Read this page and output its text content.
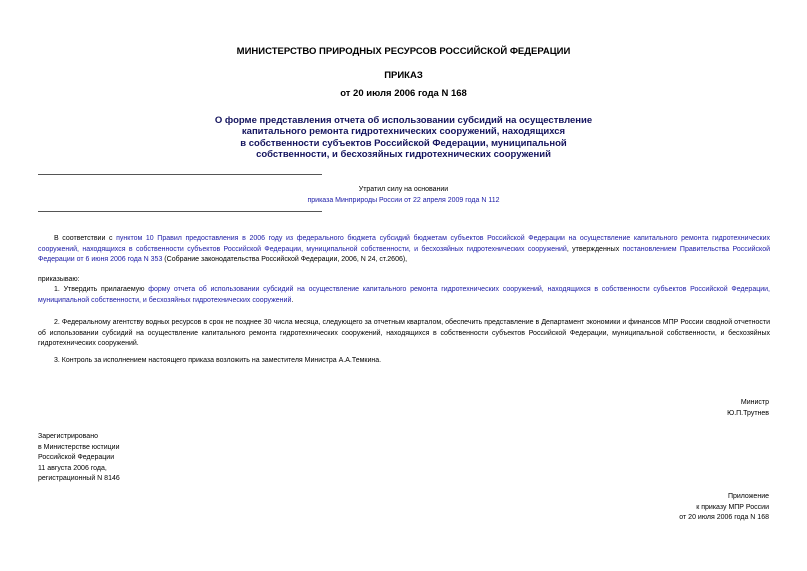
МИНИСТЕРСТВО ПРИРОДНЫХ РЕСУРСОВ РОССИЙСКОЙ ФЕДЕРАЦИИ
ПРИКАЗ
от 20 июля 2006 года N 168
О форме представления отчета об использовании субсидий на осуществление
капитального ремонта гидротехнических сооружений, находящихся
в собственности субъектов Российской Федерации, муниципальной
собственности, и бесхозяйных гидротехнических сооружений
Утратил силу на основании
приказа Минприроды России от 22 апреля 2009 года N 112
В соответствии с пунктом 10 Правил предоставления в 2006 году из федерального бюджета субсидий бюджетам субъектов Российской Федерации на осуществление капитального ремонта гидротехнических сооружений, находящихся в собственности субъектов Российской Федерации, муниципальной собственности, и бесхозяйных гидротехнических сооружений, утвержденных постановлением Правительства Российской Федерации от 6 июня 2006 года N 353 (Собрание законодательства Российской Федерации, 2006, N 24, ст.2606),
приказываю:
1. Утвердить прилагаемую форму отчета об использовании субсидий на осуществление капитального ремонта гидротехнических сооружений, находящихся в собственности субъектов Российской Федерации, муниципальной собственности, и бесхозяйных гидротехнических сооружений.
2. Федеральному агентству водных ресурсов в срок не позднее 30 числа месяца, следующего за отчетным кварталом, обеспечить представление в Департамент экономики и финансов МПР России сводной отчетности об использовании субсидий на осуществление капитального ремонта гидротехнических сооружений, находящихся в собственности субъектов Российской Федерации, муниципальной собственности, и бесхозяйных гидротехнических сооружений.
3. Контроль за исполнением настоящего приказа возложить на заместителя Министра А.А.Темкина.
Министр
Ю.П.Трутнев
Зарегистрировано
в Министерстве юстиции
Российской Федерации
11 августа 2006 года,
регистрационный N 8146
Приложение
к приказу МПР России
от 20 июля 2006 года N 168
